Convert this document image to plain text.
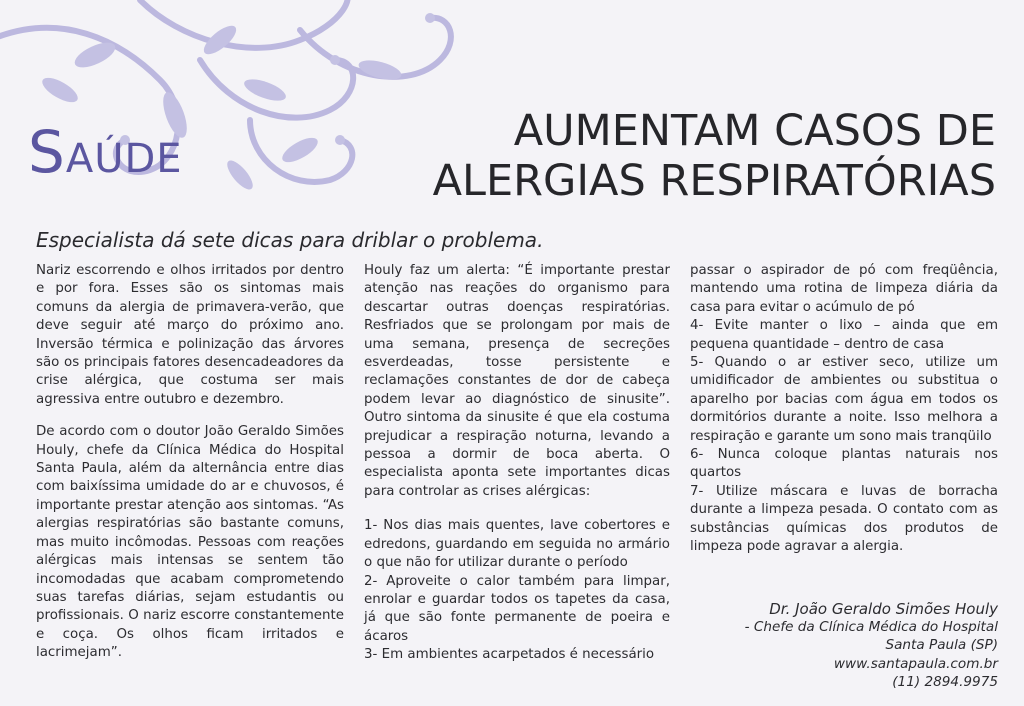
SAÚDE
AUMENTAM CASOS DE
ALERGIAS RESPIRATÓRIAS
Especialista dá sete dicas para driblar o problema.

Nariz escorrendo e olhos irritados por dentro e por fora. Esses são os sintomas mais comuns da alergia de primavera-verão, que deve seguir até março do próximo ano. Inversão térmica e polinização das árvores são os principais fatores desencadeadores da crise alérgica, que costuma ser mais agressiva entre outubro e dezembro.

De acordo com o doutor João Geraldo Simões Houly, chefe da Clínica Médica do Hospital Santa Paula, além da alternância entre dias com baixíssima umidade do ar e chuvosos, é importante prestar atenção aos sintomas. “As alergias respiratórias são bastante comuns, mas muito incômodas. Pessoas com reações alérgicas mais intensas se sentem tão incomodadas que acabam comprometendo suas tarefas diárias, sejam estudantis ou profissionais. O nariz escorre constantemente e coça. Os olhos ficam irritados e lacrimejam”.

Houly faz um alerta: “É importante prestar atenção nas reações do organismo para descartar outras doenças respiratórias. Resfriados que se prolongam por mais de uma semana, presença de secreções esverdeadas, tosse persistente e reclamações constantes de dor de cabeça podem levar ao diagnóstico de sinusite”. Outro sintoma da sinusite é que ela costuma prejudicar a respiração noturna, levando a pessoa a dormir de boca aberta. O especialista aponta sete importantes dicas para controlar as crises alérgicas:

1- Nos dias mais quentes, lave cobertores e edredons, guardando em seguida no armário o que não for utilizar durante o período

2- Aproveite o calor também para limpar, enrolar e guardar todos os tapetes da casa, já que são fonte permanente de poeira e ácaros

3- Em ambientes acarpetados é necessário

passar o aspirador de pó com freqüência, mantendo uma rotina de limpeza diária da casa para evitar o acúmulo de pó

4- Evite manter o lixo – ainda que em pequena quantidade – dentro de casa

5- Quando o ar estiver seco, utilize um umidificador de ambientes ou substitua o aparelho por bacias com água em todos os dormitórios durante a noite. Isso melhora a respiração e garante um sono mais tranqüilo

6- Nunca coloque plantas naturais nos quartos

7- Utilize máscara e luvas de borracha durante a limpeza pesada. O contato com as substâncias químicas dos produtos de limpeza pode agravar a alergia.

Dr. João Geraldo Simões Houly
- Chefe da Clínica Médica do Hospital
Santa Paula (SP)
www.santapaula.com.br
(11) 2894.9975
